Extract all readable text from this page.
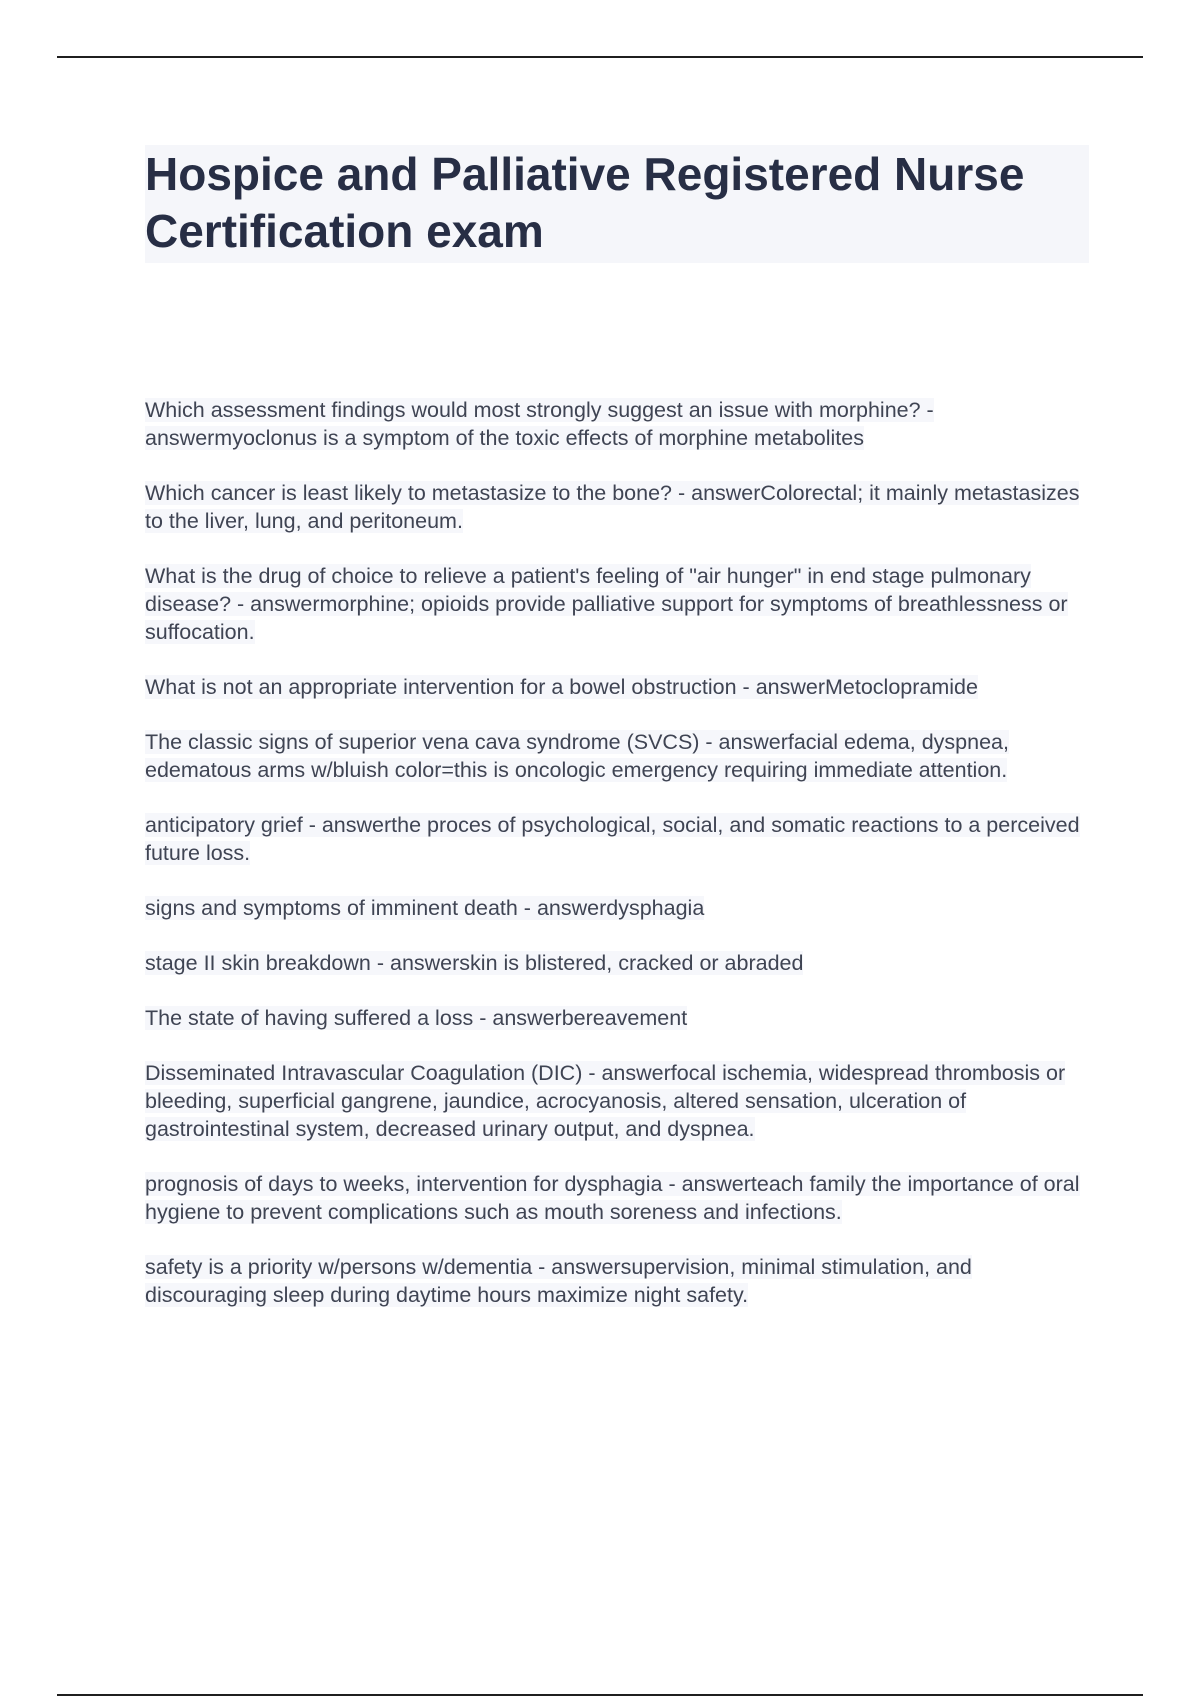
Hospice and Palliative Registered Nurse Certification exam
Which assessment findings would most strongly suggest an issue with morphine? - answermyoclonus is a symptom of the toxic effects of morphine metabolites
Which cancer is least likely to metastasize to the bone? - answerColorectal; it mainly metastasizes to the liver, lung, and peritoneum.
What is the drug of choice to relieve a patient's feeling of "air hunger" in end stage pulmonary disease? - answermorphine; opioids provide palliative support for symptoms of breathlessness or suffocation.
What is not an appropriate intervention for a bowel obstruction - answerMetoclopramide
The classic signs of superior vena cava syndrome (SVCS) - answerfacial edema, dyspnea, edematous arms w/bluish color=this is oncologic emergency requiring immediate attention.
anticipatory grief - answerthe proces of psychological, social, and somatic reactions to a perceived future loss.
signs and symptoms of imminent death - answerdysphagia
stage II skin breakdown - answerskin is blistered, cracked or abraded
The state of having suffered a loss - answerbereavement
Disseminated Intravascular Coagulation (DIC) - answerfocal ischemia, widespread thrombosis or bleeding, superficial gangrene, jaundice, acrocyanosis, altered sensation, ulceration of gastrointestinal system, decreased urinary output, and dyspnea.
prognosis of days to weeks, intervention for dysphagia - answerteach family the importance of oral hygiene to prevent complications such as mouth soreness and infections.
safety is a priority w/persons w/dementia - answersupervision, minimal stimulation, and discouraging sleep during daytime hours maximize night safety.
